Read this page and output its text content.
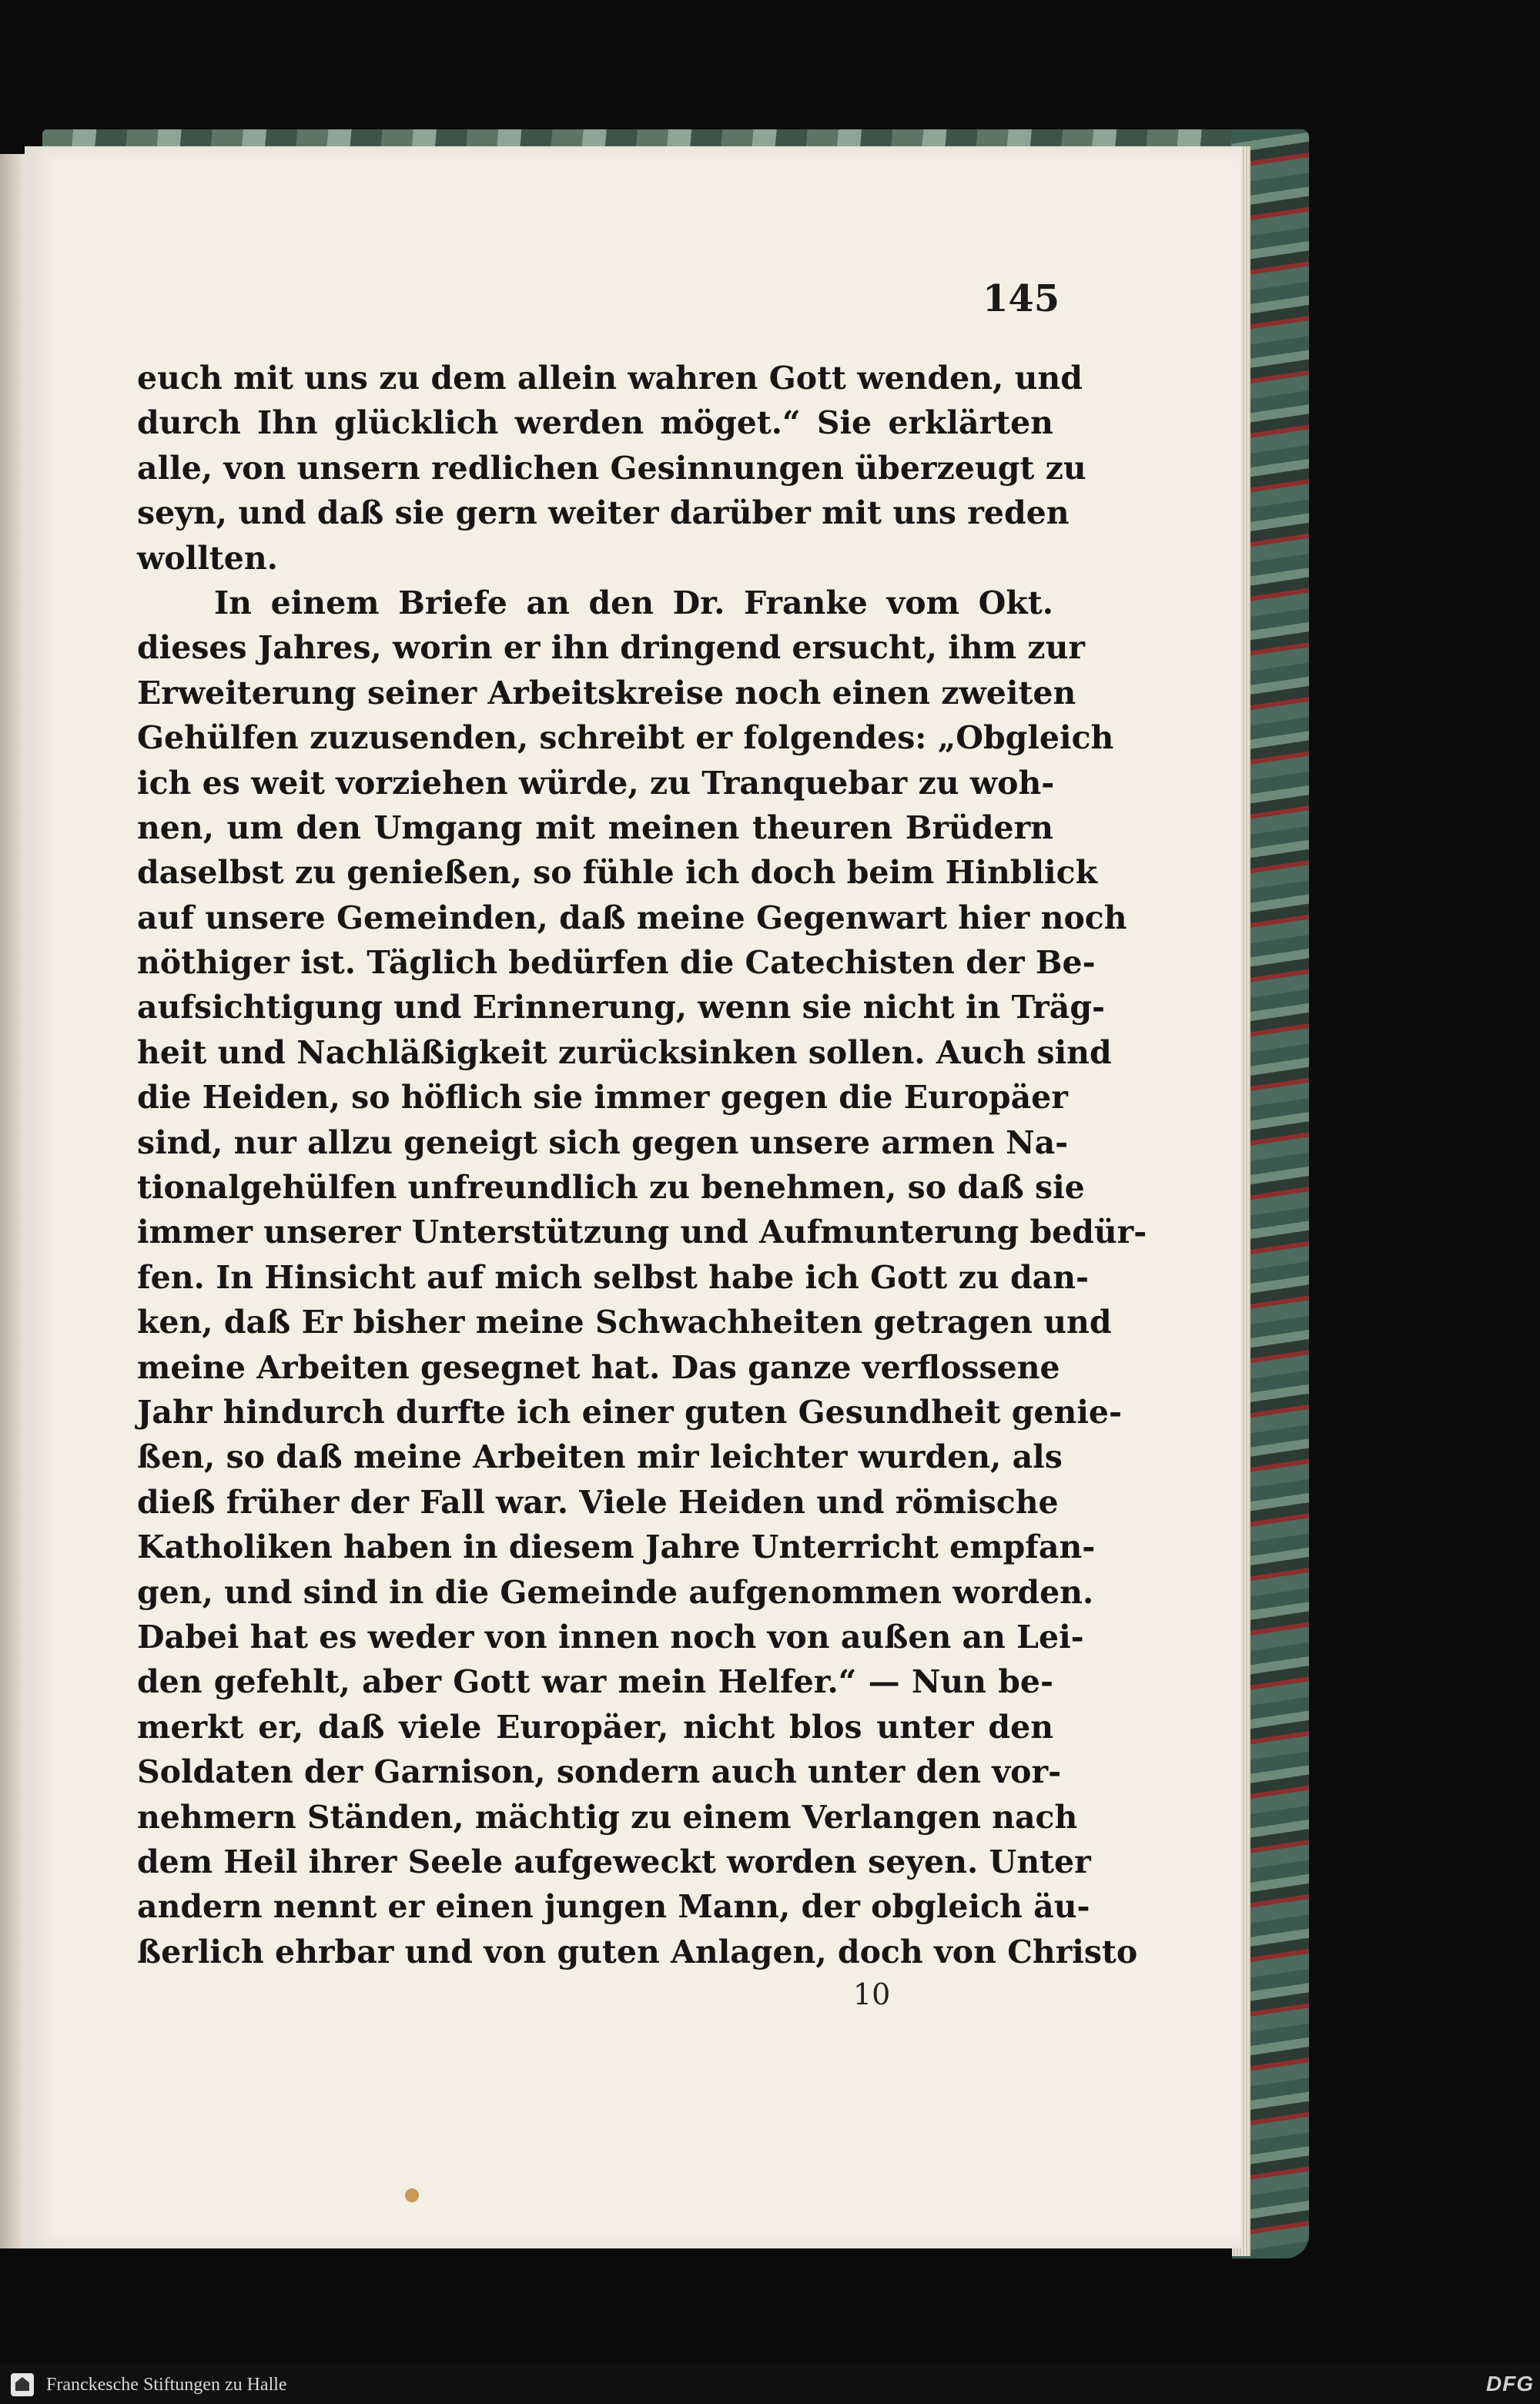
145
euch mit uns zu dem allein wahren Gott wenden, und
durch Ihn glücklich werden möget.“ Sie erklärten
alle, von unsern redlichen Gesinnungen überzeugt zu
seyn, und daß sie gern weiter darüber mit uns reden
wollten.
In einem Briefe an den Dr. Franke vom Okt.
dieses Jahres, worin er ihn dringend ersucht, ihm zur
Erweiterung seiner Arbeitskreise noch einen zweiten
Gehülfen zuzusenden, schreibt er folgendes: „Obgleich
ich es weit vorziehen würde, zu Tranquebar zu woh-
nen, um den Umgang mit meinen theuren Brüdern
daselbst zu genießen, so fühle ich doch beim Hinblick
auf unsere Gemeinden, daß meine Gegenwart hier noch
nöthiger ist. Täglich bedürfen die Catechisten der Be-
aufsichtigung und Erinnerung, wenn sie nicht in Träg-
heit und Nachläßigkeit zurücksinken sollen. Auch sind
die Heiden, so höflich sie immer gegen die Europäer
sind, nur allzu geneigt sich gegen unsere armen Na-
tionalgehülfen unfreundlich zu benehmen, so daß sie
immer unserer Unterstützung und Aufmunterung bedür-
fen. In Hinsicht auf mich selbst habe ich Gott zu dan-
ken, daß Er bisher meine Schwachheiten getragen und
meine Arbeiten gesegnet hat. Das ganze verflossene
Jahr hindurch durfte ich einer guten Gesundheit genie-
ßen, so daß meine Arbeiten mir leichter wurden, als
dieß früher der Fall war. Viele Heiden und römische
Katholiken haben in diesem Jahre Unterricht empfan-
gen, und sind in die Gemeinde aufgenommen worden.
Dabei hat es weder von innen noch von außen an Lei-
den gefehlt, aber Gott war mein Helfer.“ — Nun be-
merkt er, daß viele Europäer, nicht blos unter den
Soldaten der Garnison, sondern auch unter den vor-
nehmern Ständen, mächtig zu einem Verlangen nach
dem Heil ihrer Seele aufgeweckt worden seyen. Unter
andern nennt er einen jungen Mann, der obgleich äu-
ßerlich ehrbar und von guten Anlagen, doch von Christo
10
Franckesche Stiftungen zu Halle	DFG
